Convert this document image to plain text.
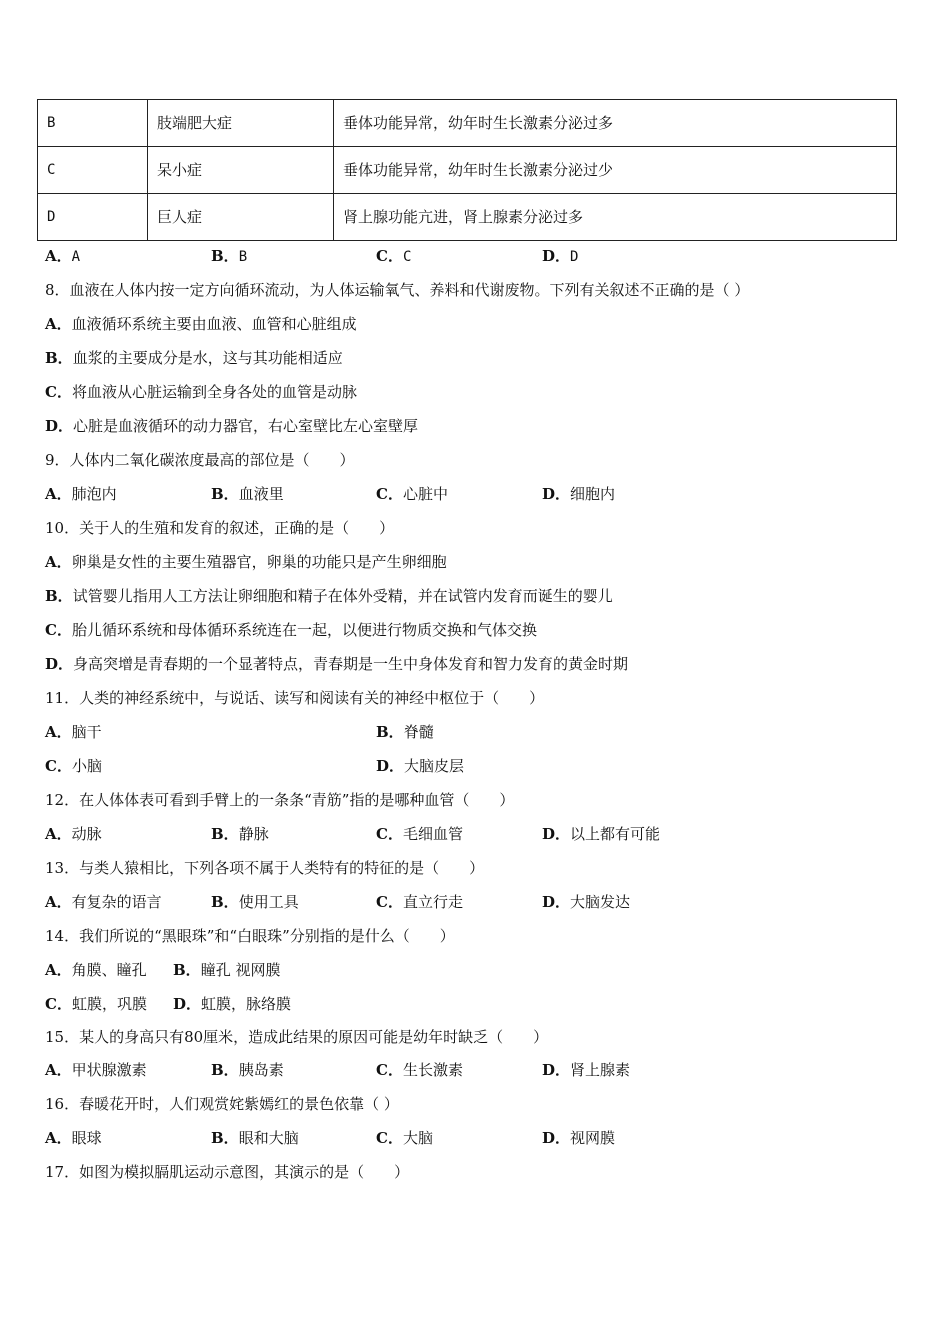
B	肢端肥大症	垂体功能异常，幼年时生长激素分泌过多
C	呆小症	垂体功能异常，幼年时生长激素分泌过少
D	巨人症	肾上腺功能亢进，肾上腺素分泌过多
A．A	B．B	C．C	D．D
8．血液在人体内按一定方向循环流动，为人体运输氧气、养料和代谢废物。下列有关叙述不正确的是（ ）
A．血液循环系统主要由血液、血管和心脏组成
B．血浆的主要成分是水，这与其功能相适应
C．将血液从心脏运输到全身各处的血管是动脉
D．心脏是血液循环的动力器官，右心室壁比左心室壁厚
9．人体内二氧化碳浓度最高的部位是（　　）
A．肺泡内	B．血液里	C．心脏中	D．细胞内
10．关于人的生殖和发育的叙述，正确的是（　　）
A．卵巢是女性的主要生殖器官，卵巢的功能只是产生卵细胞
B．试管婴儿指用人工方法让卵细胞和精子在体外受精，并在试管内发育而诞生的婴儿
C．胎儿循环系统和母体循环系统连在一起，以便进行物质交换和气体交换
D．身高突增是青春期的一个显著特点，青春期是一生中身体发育和智力发育的黄金时期
11．人类的神经系统中，与说话、读写和阅读有关的神经中枢位于（　　）
A．脑干	B．脊髓
C．小脑	D．大脑皮层
12．在人体体表可看到手臂上的一条条“青筋”指的是哪种血管（　　）
A．动脉	B．静脉	C．毛细血管	D．以上都有可能
13．与类人猿相比，下列各项不属于人类特有的特征的是（　　）
A．有复杂的语言	B．使用工具	C．直立行走	D．大脑发达
14．我们所说的“黑眼珠”和“白眼珠”分别指的是什么（　　）
A．角膜、瞳孔 B．瞳孔 视网膜
C．虹膜，巩膜 D．虹膜，脉络膜
15．某人的身高只有80厘米，造成此结果的原因可能是幼年时缺乏（　　）
A．甲状腺激素	B．胰岛素	C．生长激素	D．肾上腺素
16．春暖花开时，人们观赏姹紫嫣红的景色依靠（ ）
A．眼球	B．眼和大脑	C．大脑	D．视网膜
17．如图为模拟膈肌运动示意图，其演示的是（　　）
